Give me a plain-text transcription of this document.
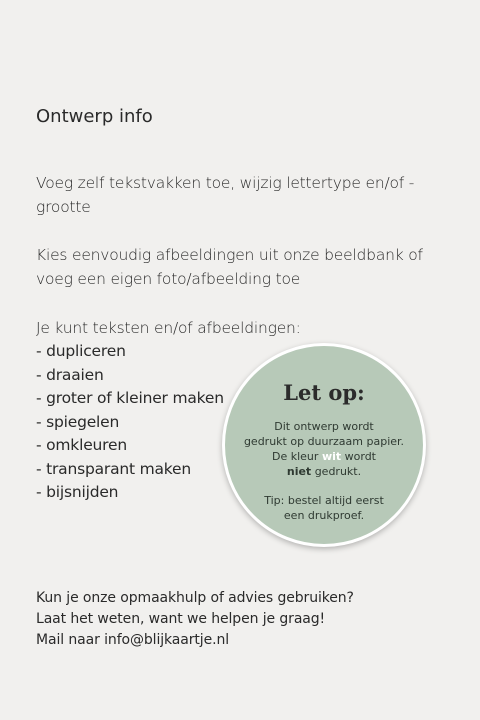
Ontwerp info

Voeg zelf tekstvakken toe, wijzig lettertype en/of -grootte

Kies eenvoudig afbeeldingen uit onze beeldbank of voeg een eigen foto/afbeelding toe

Je kunt teksten en/of afbeeldingen:

- dupliceren
- draaien
- groter of kleiner maken
- spiegelen
- omkleuren
- transparant maken
- bijsnijden
Let op:
Dit ontwerp wordt
gedrukt op duurzaam papier.
De kleur wit wordt
niet gedrukt.
Tip: bestel altijd eerst
een drukproef.

Kun je onze opmaakhulp of advies gebruiken?
Laat het weten, want we helpen je graag!
Mail naar info@blijkaartje.nl
